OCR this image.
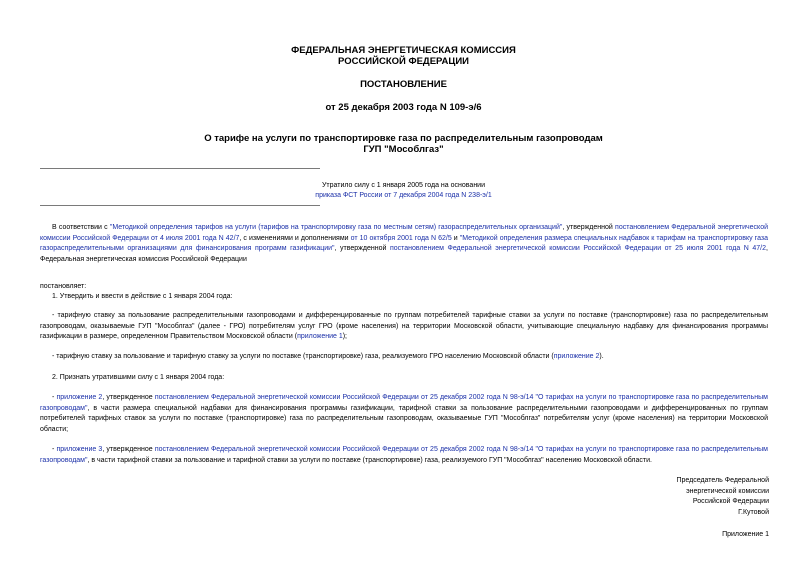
ФЕДЕРАЛЬНАЯ ЭНЕРГЕТИЧЕСКАЯ КОМИССИЯ
РОССИЙСКОЙ ФЕДЕРАЦИИ
ПОСТАНОВЛЕНИЕ
от 25 декабря 2003 года N 109-э/6
О тарифе на услуги по транспортировке газа по распределительным газопроводам
ГУП "Мособлгаз"
Утратило силу с 1 января 2005 года на основании
приказа ФСТ России от 7 декабря 2004 года N 238-э/1
В соответствии с "Методикой определения тарифов на услуги (тарифов на транспортировку газа по местным сетям) газораспределительных организаций", утвержденной постановлением Федеральной энергетической комиссии Российской Федерации от 4 июля 2001 года N 42/7, с изменениями и дополнениями от 10 октября 2001 года N 62/5 и "Методикой определения размера специальных надбавок к тарифам на транспортировку газа газораспределительными организациями для финансирования программ газификации", утвержденной постановлением Федеральной энергетической комиссии Российской Федерации от 25 июля 2001 года N 47/2, Федеральная энергетическая комиссия Российской Федерации
постановляет:
1. Утвердить и ввести в действие с 1 января 2004 года:
- тарифную ставку за пользование распределительными газопроводами и дифференцированные по группам потребителей тарифные ставки за услуги по поставке (транспортировке) газа по распределительным газопроводам, оказываемые ГУП "Мособлгаз" (далее - ГРО) потребителям услуг ГРО (кроме населения) на территории Московской области, учитывающие специальную надбавку для финансирования программы газификации в размере, определенном Правительством Московской области (приложение 1);
- тарифную ставку за пользование и тарифную ставку за услуги по поставке (транспортировке) газа, реализуемого ГРО населению Московской области (приложение 2).
2. Признать утратившими силу с 1 января 2004 года:
- приложение 2, утвержденное постановлением Федеральной энергетической комиссии Российской Федерации от 25 декабря 2002 года N 98-э/14 "О тарифах на услуги по транспортировке газа по распределительным газопроводам", в части размера специальной надбавки для финансирования программы газификации, тарифной ставки за пользование распределительными газопроводами и дифференцированных по группам потребителей тарифных ставок за услуги по поставке (транспортировке) газа по распределительным газопроводам, оказываемые ГУП "Мособлгаз" потребителям услуг (кроме населения) на территории Московской области;
- приложение 3, утвержденное постановлением Федеральной энергетической комиссии Российской Федерации от 25 декабря 2002 года N 98-э/14 "О тарифах на услуги по транспортировке газа по распределительным газопроводам", в части тарифной ставки за пользование и тарифной ставки за услуги по поставке (транспортировке) газа, реализуемого ГУП "Мособлгаз" населению Московской области.
Председатель Федеральной
энергетической комиссии
Российской Федерации
Г.Кутовой
Приложение 1
